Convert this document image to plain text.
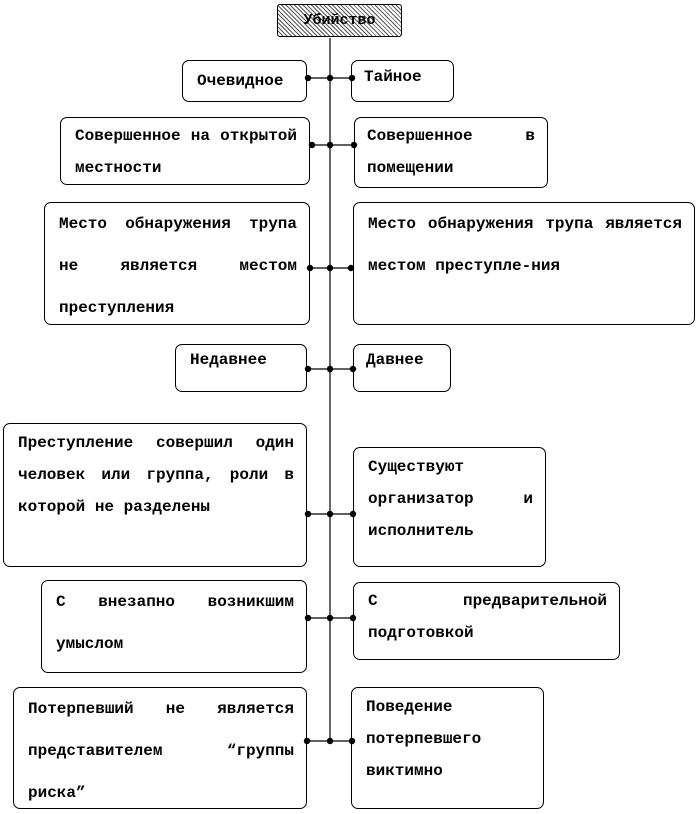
Убийство
Очевидное	Тайное
Совершенное на открытой местности
Совершенное в помещении
Место обнаружения трупа не является местом преступления
Место обнаружения трупа является местом преступле-ния
Недавнее	Давнее
Преступление совершил один человек или группа, роли в которой не разделены
Существуют организатор и исполнитель
С внезапно возникшим умыслом
С предварительной подготовкой
Потерпевший не является представителем “группы риска”
Поведение потерпевшего виктимно
